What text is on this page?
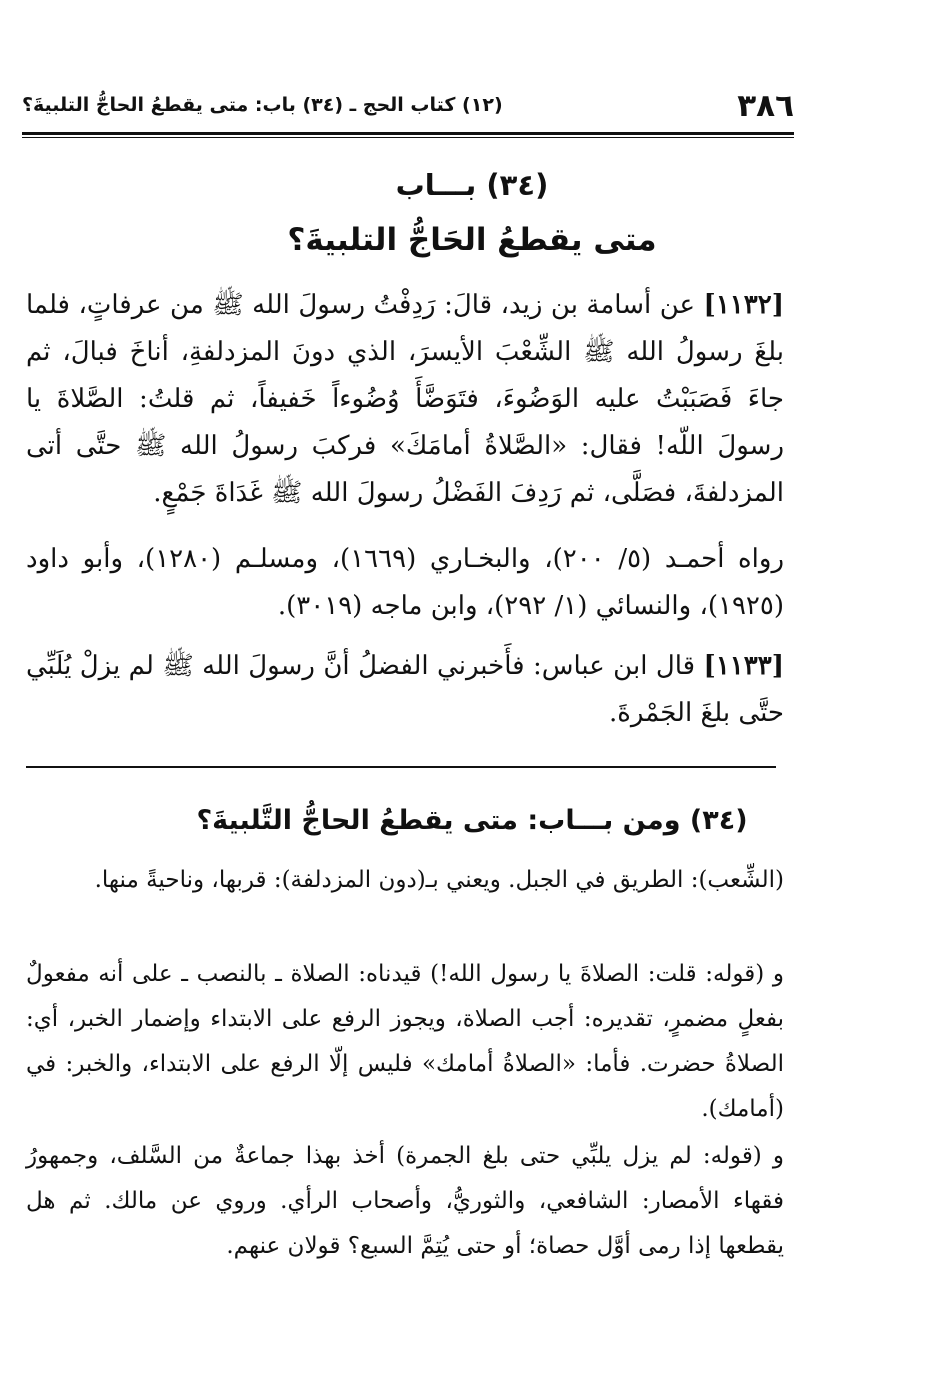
٣٨٦
(١٢) كتاب الحج ـ (٣٤) باب: متى يقطعُ الحاجُّ التلبيةَ؟
(٣٤) بـــاب
متى يقطعُ الحَاجُّ التلبيةَ؟
[١١٣٢] عن أسامة بن زيد، قالَ: رَدِفْتُ رسولَ الله ﷺ من عرفاتٍ، فلما بلغَ رسولُ الله ﷺ الشِّعْبَ الأيسرَ، الذي دونَ المزدلفةِ، أناخَ فبالَ، ثم جاءَ فَصَبَبْتُ عليه الوَضُوءَ، فتَوَضَّأَ وُضُوءاً خَفيفاً، ثم قلتُ: الصَّلاةَ يا رسولَ اللّه! فقال: «الصَّلاةُ أمامَكَ» فركبَ رسولُ الله ﷺ حتَّى أتى المزدلفةَ، فصَلَّى، ثم رَدِفَ الفَضْلُ رسولَ الله ﷺ غَدَاةَ جَمْعٍ.
رواه أحمـد (٥/ ٢٠٠)، والبخـاري (١٦٦٩)، ومسلـم (١٢٨٠)، وأبو داود (١٩٢٥)، والنسائي (١/ ٢٩٢)، وابن ماجه (٣٠١٩).
[١١٣٣] قال ابن عباس: فأَخبرني الفضلُ أنَّ رسولَ الله ﷺ لم يزلْ يُلَبِّي حتَّى بلغَ الجَمْرةَ.
(٣٤) ومن بـــاب: متى يقطعُ الحاجُّ التَّلبيةَ؟
(الشِّعب): الطريق في الجبل. ويعني بـ(دون المزدلفة): قربها، وناحيةً منها.
و (قوله: قلت: الصلاةَ يا رسول الله!) قيدناه: الصلاة ـ بالنصب ـ على أنه مفعولٌ بفعلٍ مضمرٍ، تقديره: أجب الصلاة، ويجوز الرفع على الابتداء وإضمار الخبر، أي: الصلاةُ حضرت. فأما: «الصلاةُ أمامك» فليس إلّا الرفع على الابتداء، والخبر: في (أمامك).
و (قوله: لم يزل يلبِّي حتى بلغ الجمرة) أخذ بهذا جماعةٌ من السَّلف، وجمهورُ فقهاء الأمصار: الشافعي، والثوريُّ، وأصحاب الرأي. وروي عن مالك. ثم هل يقطعها إذا رمى أوَّل حصاة؛ أو حتى يُتِمَّ السبع؟ قولان عنهم.
